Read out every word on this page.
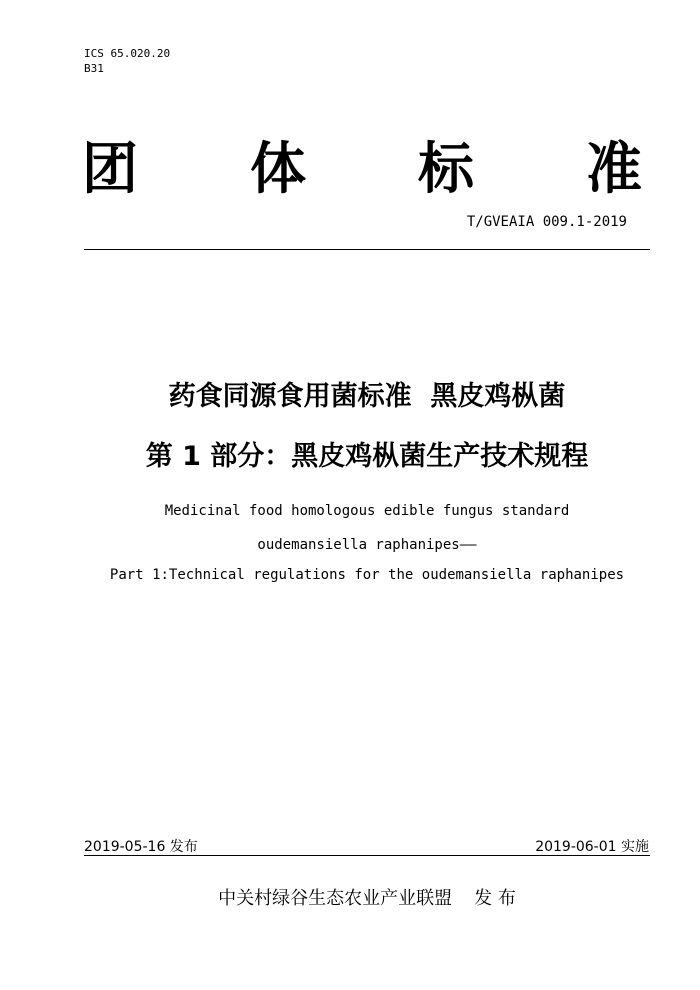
ICS 65.020.20
B31
团 体 标 准
T/GVEAIA 009.1-2019
药食同源食用菌标准  黑皮鸡枞菌
第 1 部分：黑皮鸡枞菌生产技术规程
Medicinal food homologous edible fungus standard
oudemansiella raphanipes——
Part 1:Technical regulations for the oudemansiella raphanipes
2019-05-16 发布	2019-06-01 实施
中关村绿谷生态农业产业联盟 发 布
